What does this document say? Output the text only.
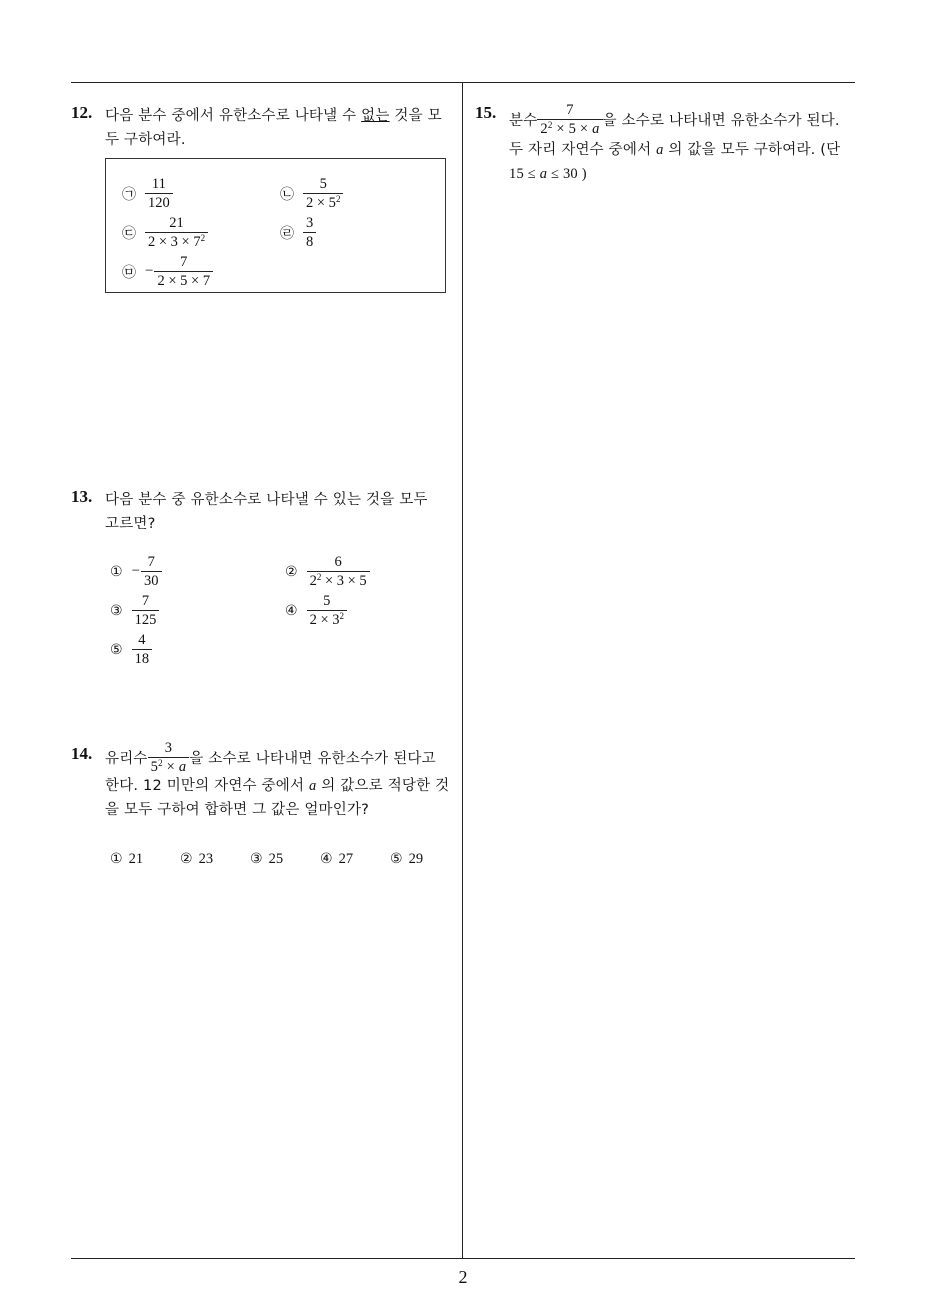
2
12. 다음 분수 중에서 유한소수로 나타낼 수 없는 것을 모
두 구하여라.
㉠ $\frac{11}{120}$	㉡ $\frac{5}{2 \times 5^2}$
㉢ $\frac{21}{2 \times 3 \times 7^2}$	㉣ $\frac{3}{8}$
㉤ − $\frac{7}{2 \times 5 \times 7}$
13. 다음 분수 중 유한소수로 나타낼 수 있는 것을 모두
고르면?
① − $\frac{7}{30}$	② $\frac{6}{2^2 \times 3 \times 5}$
③ $\frac{7}{125}$	④ $\frac{5}{2 \times 3^2}$
⑤ $\frac{4}{18}$
14. 유리수 $\frac{3}{5^2 \times a}$ 을 소수로 나타내면 유한소수가 된다고
한다. 12 미만의 자연수 중에서 a 의 값으로 적당한 것
을 모두 구하여 합하면 그 값은 얼마인가?
① 21	② 23	③ 25	④ 27	⑤ 29
15. 분수 $\frac{7}{2^2 \times 5 \times a}$ 을 소수로 나타내면 유한소수가 된다.
두 자리 자연수 중에서 a 의 값을 모두 구하여라. (단
15 ≤ a ≤ 30 )
